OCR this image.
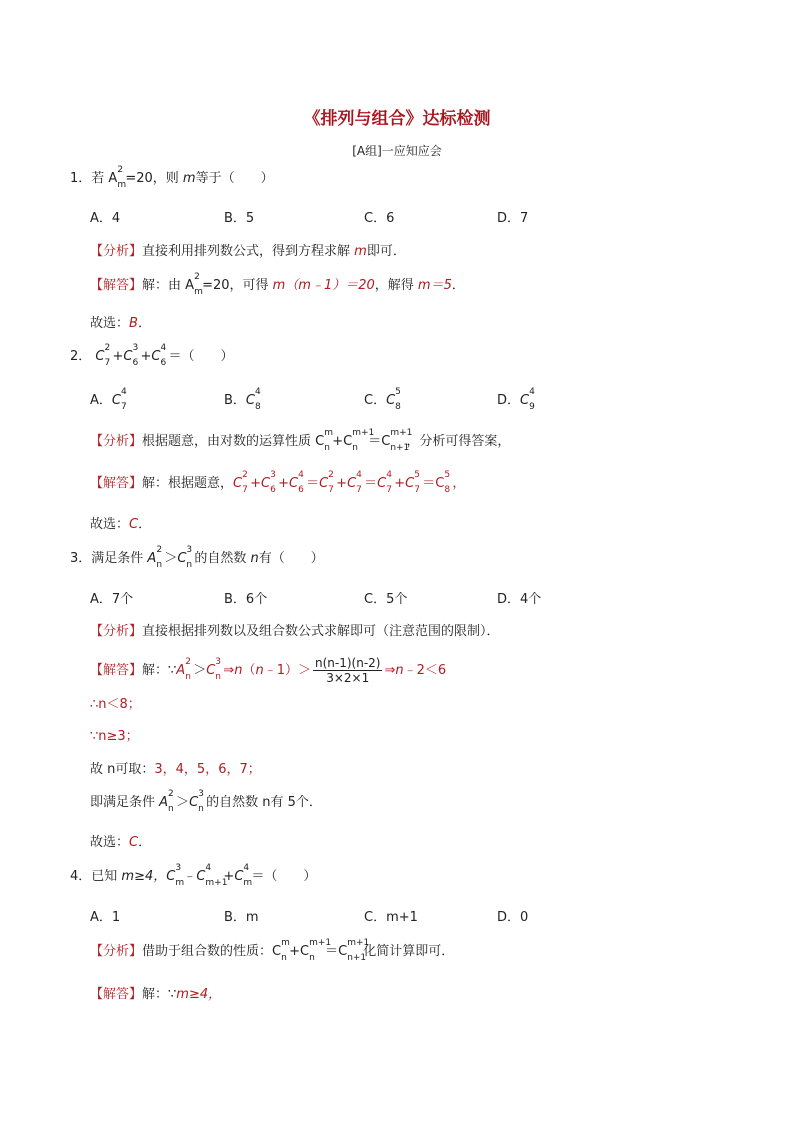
《排列与组合》达标检测
[A组]一应知应会
1．若 A
2
m =20，则 m等于（　　）
A．4	B．5	C．6	D．7
【分析】直接利用排列数公式，得到方程求解 m即可．
【解答】解：由 A
2
m =20，可得 m（m﹣1）＝20，解得 m＝5．
故选：B．
2． C
2
7 +C
3
6 +C
4
6 ＝（　　）
A．C
4
7	B．C
4
8	C．C
5
8	D．C
4
9
【分析】根据题意，由对数的运算性质 C
m
n +C
m+1
n ＝C
m+1
n+1
，分析可得答案，
【解答】解：根据题意，C
2
7 +C
3
6 +C
4
6 ＝C
2
7 +C
4
7 ＝C
4
7 +C
5
7 ＝C
5
8 ，
故选：C．
3．满足条件 A
2
n ＞C
3
n 的自然数 n有（　　）
A．7个	B．6个	C．5个	D．4个
【分析】直接根据排列数以及组合数公式求解即可（注意范围的限制）．
【解答】解：∵A
2
n ＞C
3
n ⇒n（n﹣1）＞ $\frac{n(n-1)(n-2)}{3\times 2\times 1}$ ⇒n﹣2＜6
∴n＜8；
∵n≥3；
故 n可取：3，4，5，6，7；
即满足条件 A
2
n ＞C
3
n 的自然数 n有 5个．
故选：C．
4．已知 m≥4，C
3
m ﹣C
4
m+1
+C
4
m ＝（　　）
A．1	B．m	C．m+1	D．0
【分析】借助于组合数的性质：C
m
n +C
m+1
n ＝C
m+1
n+1
化简计算即可．
【解答】解：∵m≥4，
